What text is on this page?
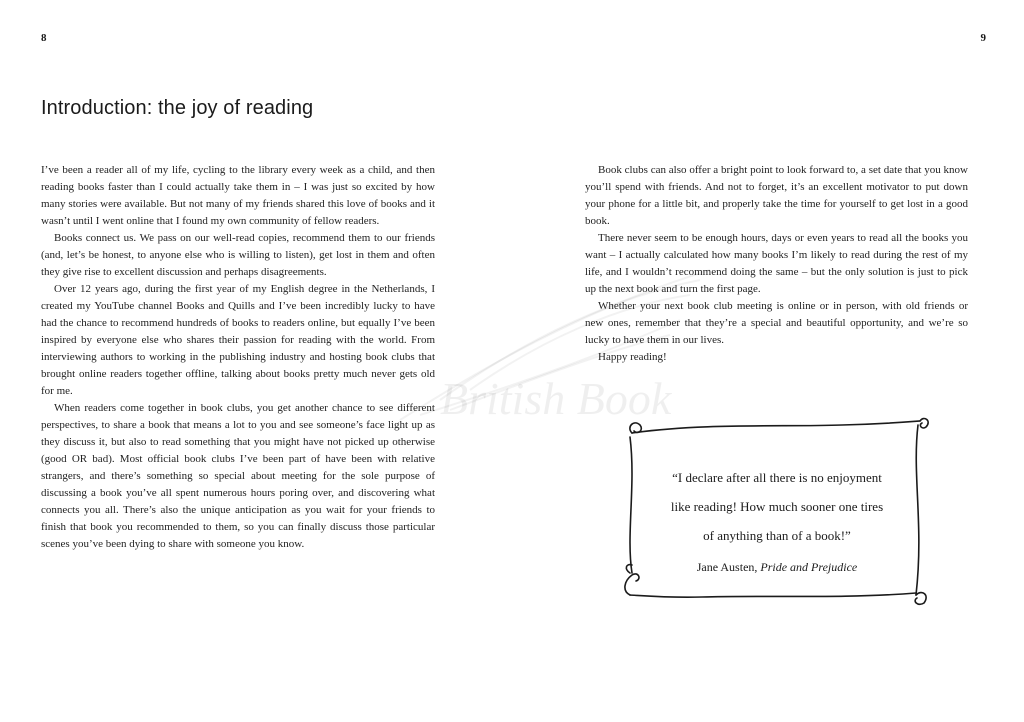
8	9
Introduction: the joy of reading
British Book

I’ve been a reader all of my life, cycling to the library every week as a child, and then reading books faster than I could actually take them in – I was just so excited by how many stories were available. But not many of my friends shared this love of books and it wasn’t until I went online that I found my own community of fellow readers.

Books connect us. We pass on our well-read copies, recommend them to our friends (and, let’s be honest, to anyone else who is willing to listen), get lost in them and often they give rise to excellent discussion and perhaps disagreements.

Over 12 years ago, during the first year of my English degree in the Netherlands, I created my YouTube channel Books and Quills and I’ve been incredibly lucky to have had the chance to recommend hundreds of books to readers online, but equally I’ve been inspired by everyone else who shares their passion for reading with the world. From interviewing authors to working in the publishing industry and hosting book clubs that brought online readers together offline, talking about books pretty much never gets old for me.

When readers come together in book clubs, you get another chance to see different perspectives, to share a book that means a lot to you and see someone’s face light up as they discuss it, but also to read something that you might have not picked up otherwise (good OR bad). Most official book clubs I’ve been part of have been with relative strangers, and there’s something so special about meeting for the sole purpose of discussing a book you’ve all spent numerous hours poring over, and discovering what connects you all. There’s also the unique anticipation as you wait for your friends to finish that book you recommended to them, so you can finally discuss those particular scenes you’ve been dying to share with someone you know.

Book clubs can also offer a bright point to look forward to, a set date that you know you’ll spend with friends. And not to forget, it’s an excellent motivator to put down your phone for a little bit, and properly take the time for yourself to get lost in a good book.

There never seem to be enough hours, days or even years to read all the books you want – I actually calculated how many books I’m likely to read during the rest of my life, and I wouldn’t recommend doing the same – but the only solution is just to pick up the next book and turn the first page.

Whether your next book club meeting is online or in person, with old friends or new ones, remember that they’re a special and beautiful opportunity, and we’re so lucky to have them in our lives.

Happy reading!

“I declare after all there is no enjoyment
like reading! How much sooner one tires
of anything than of a book!”
Jane Austen, Pride and Prejudice
